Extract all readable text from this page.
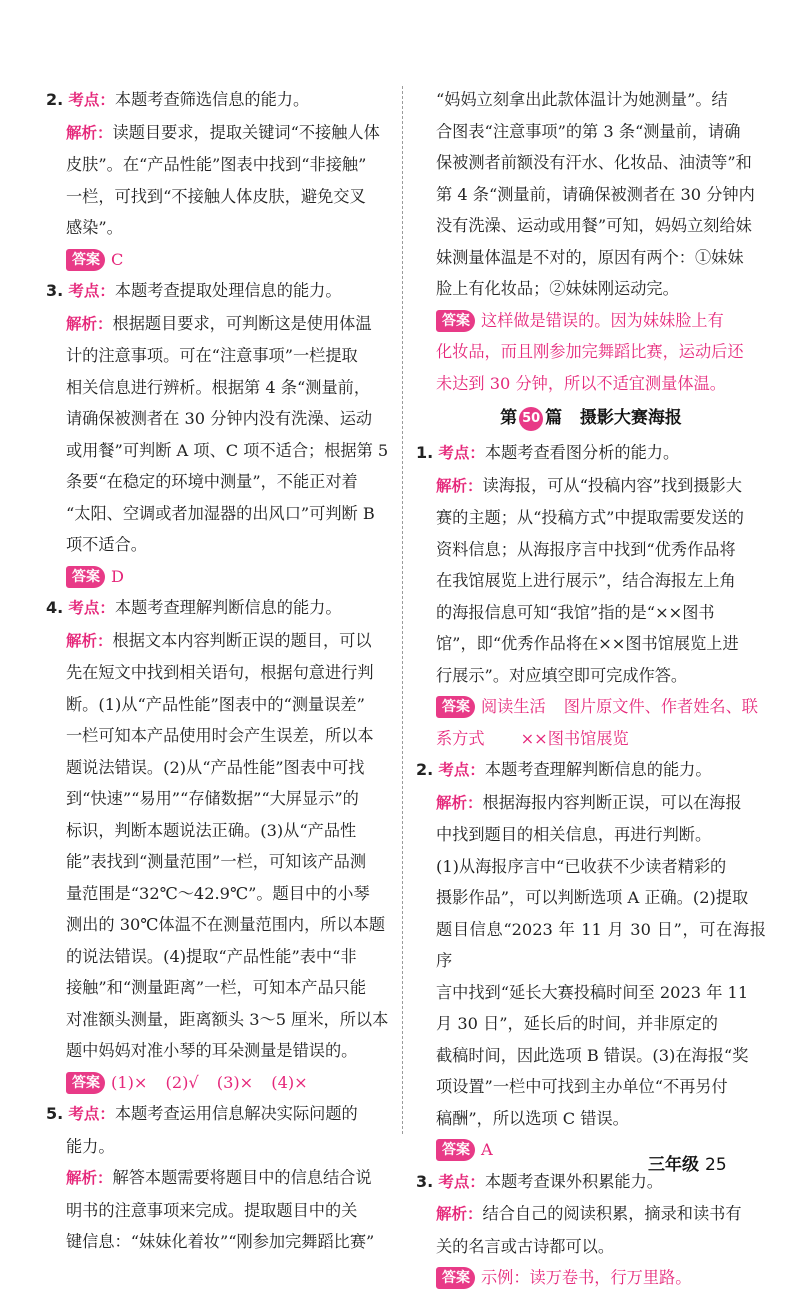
2. 考点：本题考查筛选信息的能力。

解析：读题目要求，提取关键词“不接触人体

皮肤”。在“产品性能”图表中找到“非接触”

一栏，可找到“不接触人体皮肤，避免交叉

感染”。

答案 C

3. 考点：本题考查提取处理信息的能力。

解析：根据题目要求，可判断这是使用体温

计的注意事项。可在“注意事项”一栏提取

相关信息进行辨析。根据第 4 条“测量前，

请确保被测者在 30 分钟内没有洗澡、运动

或用餐”可判断 A 项、C 项不适合；根据第 5

条要“在稳定的环境中测量”，不能正对着

“太阳、空调或者加湿器的出风口”可判断 B

项不适合。

答案 D

4. 考点：本题考查理解判断信息的能力。

解析：根据文本内容判断正误的题目，可以

先在短文中找到相关语句，根据句意进行判

断。(1)从“产品性能”图表中的“测量误差”

一栏可知本产品使用时会产生误差，所以本

题说法错误。(2)从“产品性能”图表中可找

到“快速”“易用”“存储数据”“大屏显示”的

标识，判断本题说法正确。(3)从“产品性

能”表找到“测量范围”一栏，可知该产品测

量范围是“32℃～42.9℃”。题目中的小琴

测出的 30℃体温不在测量范围内，所以本题

的说法错误。(4)提取“产品性能”表中“非

接触”和“测量距离”一栏，可知本产品只能

对准额头测量，距离额头 3～5 厘米，所以本

题中妈妈对准小琴的耳朵测量是错误的。

答案 (1)× (2)√ (3)× (4)×

5. 考点：本题考查运用信息解决实际问题的

能力。

解析：解答本题需要将题目中的信息结合说

明书的注意事项来完成。提取题目中的关

键信息：“妹妹化着妆”“刚参加完舞蹈比赛”

“妈妈立刻拿出此款体温计为她测量”。结

合图表“注意事项”的第 3 条“测量前，请确

保被测者前额没有汗水、化妆品、油渍等”和

第 4 条“测量前，请确保被测者在 30 分钟内

没有洗澡、运动或用餐”可知，妈妈立刻给妹

妹测量体温是不对的，原因有两个：①妹妹

脸上有化妆品；②妹妹刚运动完。

答案 这样做是错误的。因为妹妹脸上有

化妆品，而且刚参加完舞蹈比赛，运动后还

未达到 30 分钟，所以不适宜测量体温。

第 50 篇 摄影大赛海报

1. 考点：本题考查看图分析的能力。

解析：读海报，可从“投稿内容”找到摄影大

赛的主题；从“投稿方式”中提取需要发送的

资料信息；从海报序言中找到“优秀作品将

在我馆展览上进行展示”，结合海报左上角

的海报信息可知“我馆”指的是“××图书

馆”，即“优秀作品将在××图书馆展览上进

行展示”。对应填空即可完成作答。

答案 阅读生活 图片原文件、作者姓名、联

系方式 ××图书馆展览

2. 考点：本题考查理解判断信息的能力。

解析：根据海报内容判断正误，可以在海报

中找到题目的相关信息，再进行判断。

(1)从海报序言中“已收获不少读者精彩的

摄影作品”，可以判断选项 A 正确。(2)提取

题目信息“2023 年 11 月 30 日”，可在海报序

言中找到“延长大赛投稿时间至 2023 年 11

月 30 日”，延长后的时间，并非原定的

截稿时间，因此选项 B 错误。(3)在海报“奖

项设置”一栏中可找到主办单位“不再另付

稿酬”，所以选项 C 错误。

答案 A

3. 考点：本题考查课外积累能力。

解析：结合自己的阅读积累，摘录和读书有

关的名言或古诗都可以。

答案 示例：读万卷书，行万里路。

三年级 25
